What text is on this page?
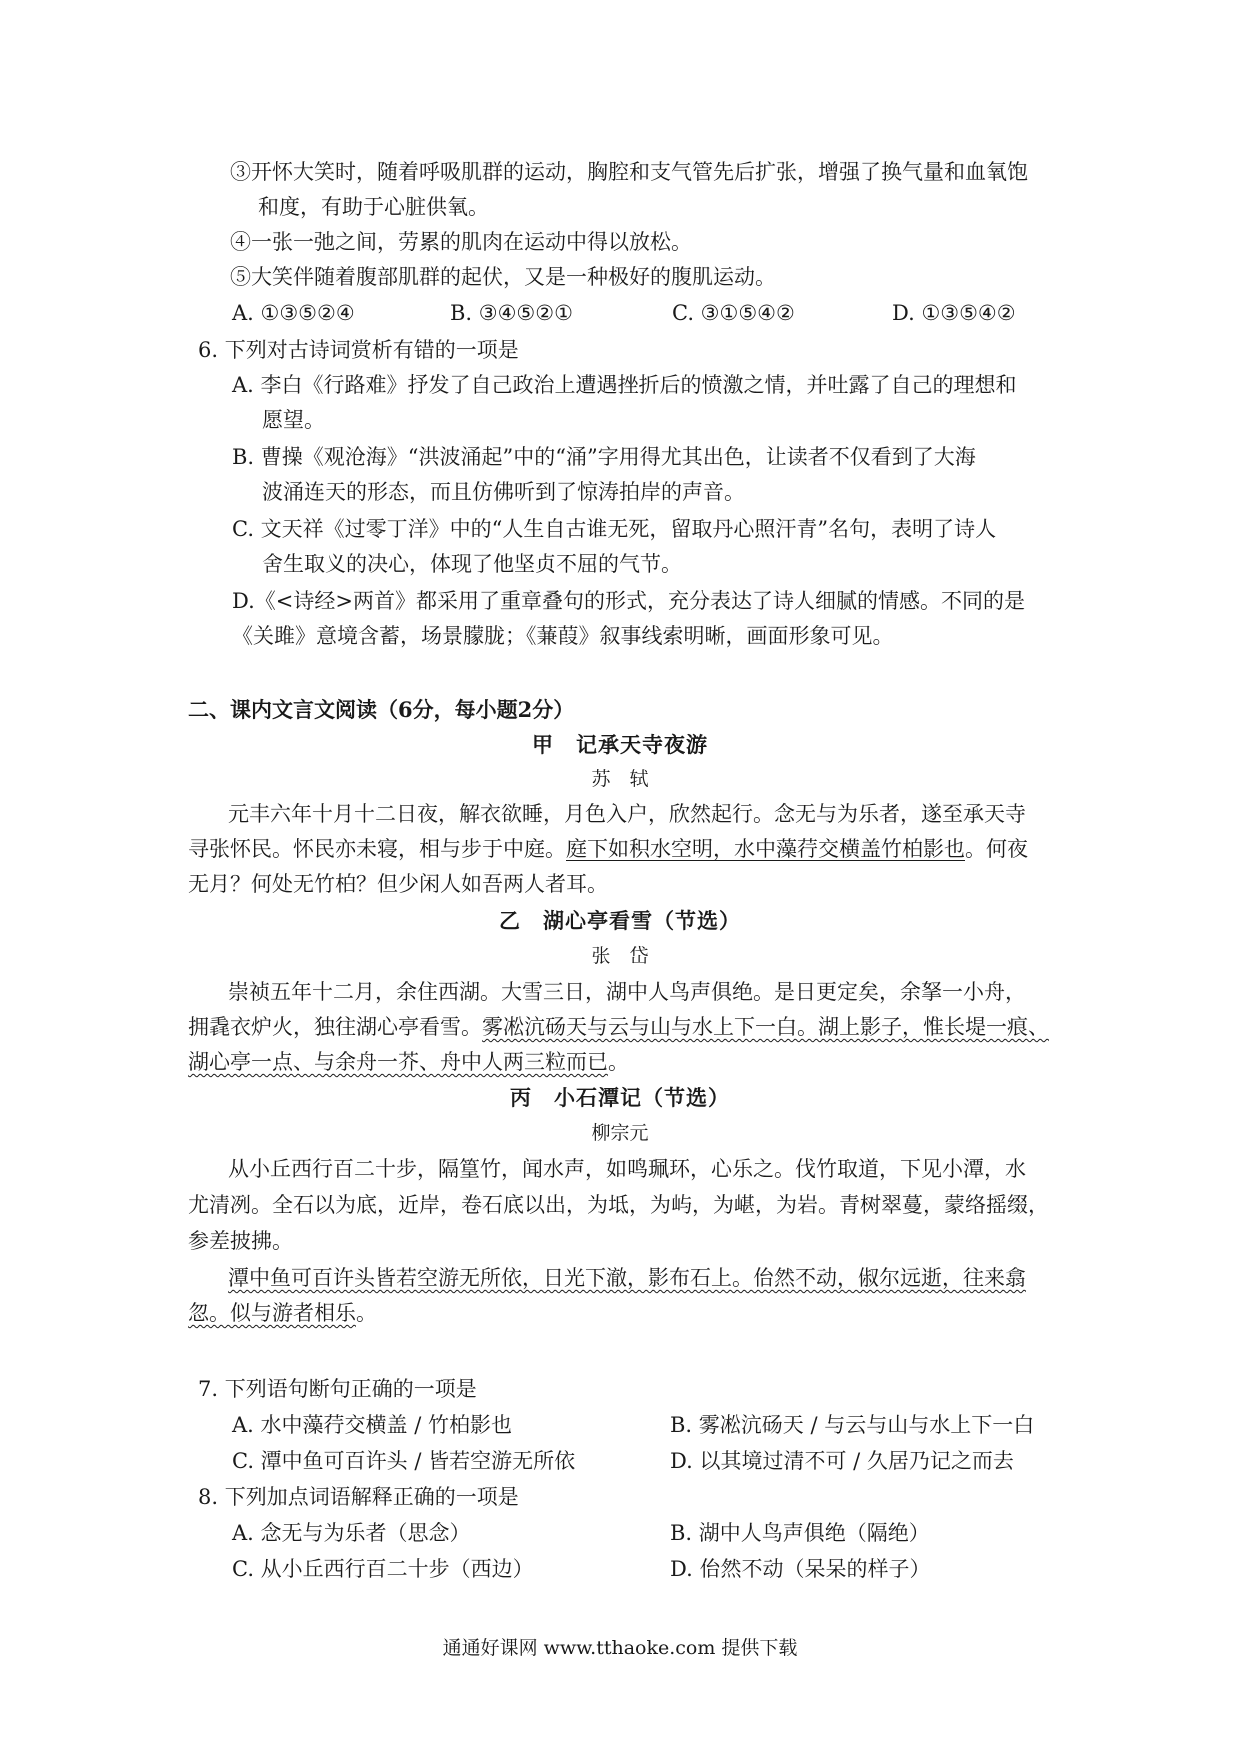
③开怀大笑时，随着呼吸肌群的运动，胸腔和支气管先后扩张，增强了换气量和血氧饱
和度，有助于心脏供氧。
④一张一弛之间，劳累的肌肉在运动中得以放松。
⑤大笑伴随着腹部肌群的起伏，又是一种极好的腹肌运动。
A. ①③⑤②④	B. ③④⑤②①	C. ③①⑤④②	D. ①③⑤④②
6. 下列对古诗词赏析有错的一项是
A. 李白《行路难》抒发了自己政治上遭遇挫折后的愤激之情，并吐露了自己的理想和
愿望。
B. 曹操《观沧海》“洪波涌起”中的“涌”字用得尤其出色，让读者不仅看到了大海
波涌连天的形态，而且仿佛听到了惊涛拍岸的声音。
C. 文天祥《过零丁洋》中的“人生自古谁无死，留取丹心照汗青”名句，表明了诗人
舍生取义的决心，体现了他坚贞不屈的气节。
D.《<诗经>两首》都采用了重章叠句的形式，充分表达了诗人细腻的情感。不同的是
《关雎》意境含蓄，场景朦胧；《蒹葭》叙事线索明晰，画面形象可见。
二、课内文言文阅读（6分，每小题2分）
甲　记承天寺夜游
苏　轼
元丰六年十月十二日夜，解衣欲睡，月色入户，欣然起行。念无与为乐者，遂至承天寺
寻张怀民。怀民亦未寝，相与步于中庭。庭下如积水空明，水中藻荇交横盖竹柏影也。何夜
无月？何处无竹柏？但少闲人如吾两人者耳。
乙　湖心亭看雪（节选）
张　岱
崇祯五年十二月，余住西湖。大雪三日，湖中人鸟声俱绝。是日更定矣，余拏一小舟，
拥毳衣炉火，独往湖心亭看雪。雾凇沆砀天与云与山与水上下一白。湖上影子，惟长堤一痕、
湖心亭一点、与余舟一芥、舟中人两三粒而已。
丙　小石潭记（节选）
柳宗元
从小丘西行百二十步，隔篁竹，闻水声，如鸣珮环，心乐之。伐竹取道，下见小潭，水
尤清冽。全石以为底，近岸，卷石底以出，为坻，为屿，为嵁，为岩。青树翠蔓，蒙络摇缀，
参差披拂。
潭中鱼可百许头皆若空游无所依，日光下澈，影布石上。佁然不动，俶尔远逝，往来翕
忽。似与游者相乐。
7. 下列语句断句正确的一项是
A. 水中藻荇交横盖 / 竹柏影也	B. 雾凇沆砀天 / 与云与山与水上下一白
C. 潭中鱼可百许头 / 皆若空游无所依	D. 以其境过清不可 / 久居乃记之而去
8. 下列加点词语解释正确的一项是
A. 念无与为乐者（思念）	B. 湖中人鸟声俱绝（隔绝）
C. 从小丘西行百二十步（西边）	D. 佁然不动（呆呆的样子）
通通好课网 www.tthaoke.com 提供下载
